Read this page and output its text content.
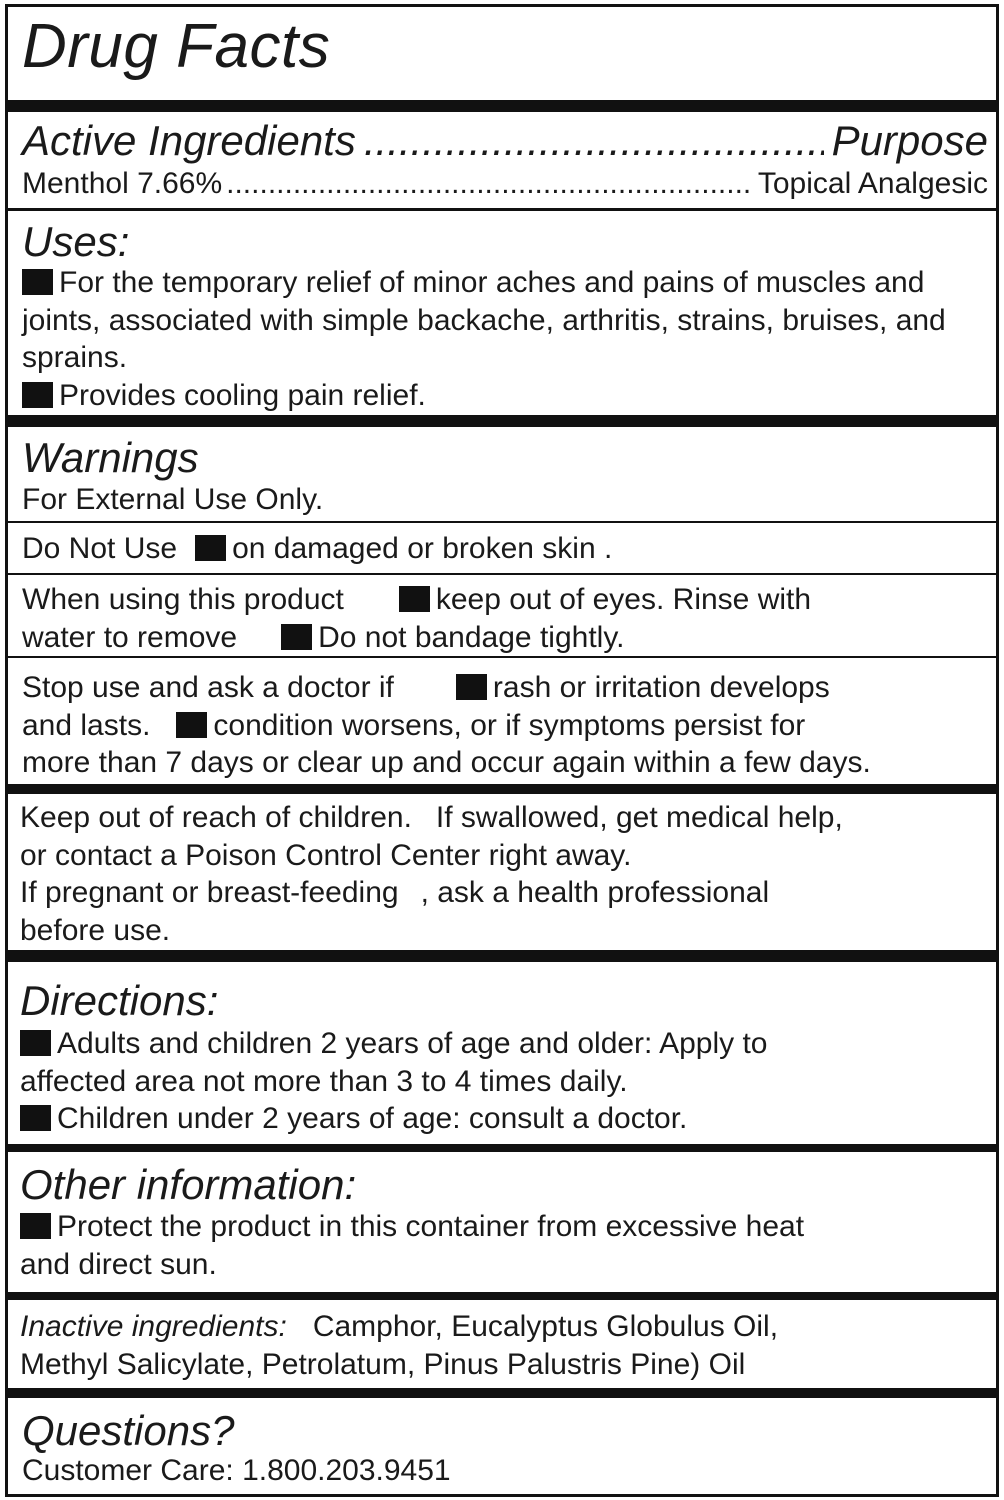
Drug Facts
Active Ingredients .....	Purpose
Menthol 7.66% .....	Topical Analgesic
Uses:
For the temporary relief of minor aches and pains of muscles and joints, associated with simple backache, arthritis, strains, bruises, and sprains.
Provides cooling pain relief.
Warnings
For External Use Only.
Do Not Use on damaged or broken skin .
When using this product	keep out of eyes. Rinse with
water to remove	Do not bandage tightly.
Stop use and ask a doctor if	rash or irritation develops
and lasts. condition worsens, or if symptoms persist for
more than 7 days or clear up and occur again within a few days.
Keep out of reach of children. If swallowed, get medical help,
or contact a Poison Control Center right away.
If pregnant or breast-feeding , ask a health professional
before use.
Directions:
Adults and children 2 years of age and older: Apply to
affected area not more than 3 to 4 times daily.
Children under 2 years of age: consult a doctor.
Other information:
Protect the product in this container from excessive heat
and direct sun.
Inactive ingredients: Camphor, Eucalyptus Globulus Oil,
Methyl Salicylate, Petrolatum, Pinus Palustris Pine) Oil
Questions?
Customer Care: 1.800.203.9451
